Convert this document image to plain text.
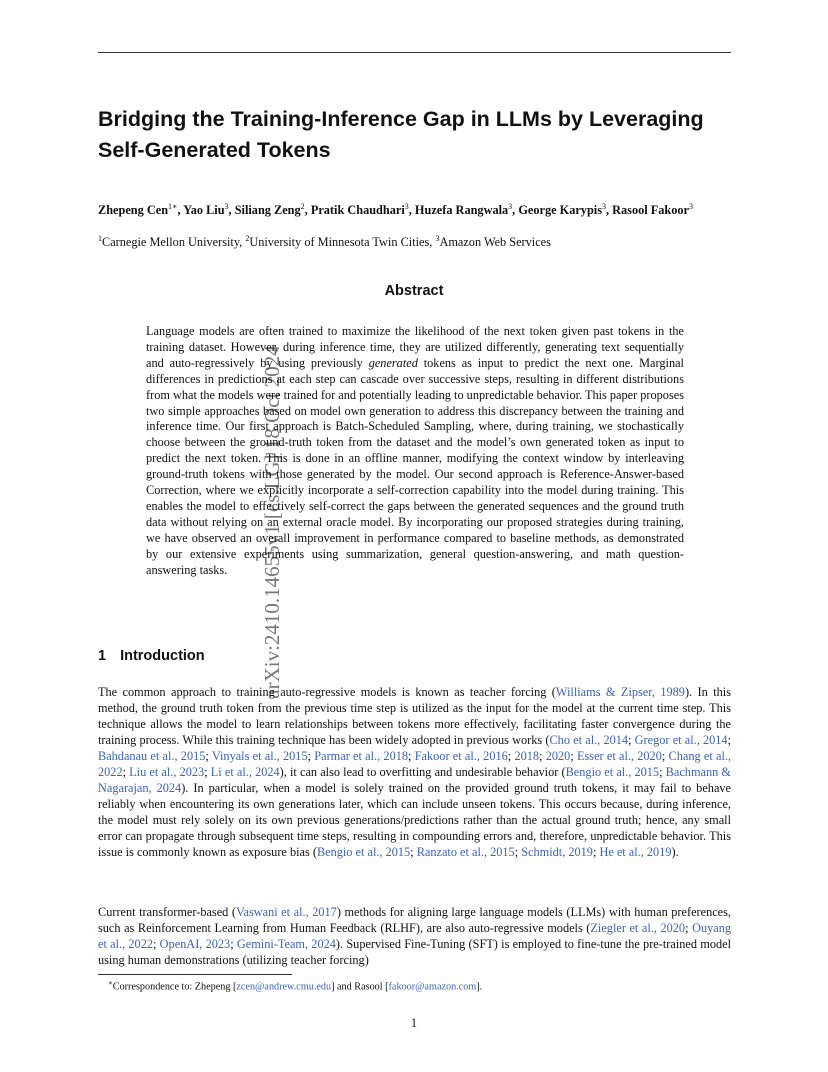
arXiv:2410.14655v1 [cs.LG] 18 Oct 2024
Bridging the Training-Inference Gap in LLMs by Leveraging Self-Generated Tokens

Zhepeng Cen$^{1∗}$, Yao Liu$^3$, Siliang Zeng$^2$, Pratik Chaudhari$^3$, Huzefa Rangwala$^3$, George Karypis$^3$, Rasool Fakoor$^3$

$^1$Carnegie Mellon University, $^2$University of Minnesota Twin Cities, $^3$Amazon Web Services

Abstract

Language models are often trained to maximize the likelihood of the next token given past tokens in the training dataset. However, during inference time, they are utilized differently, generating text sequentially and auto-regressively by using previously generated tokens as input to predict the next one. Marginal differences in predictions at each step can cascade over successive steps, resulting in different distributions from what the models were trained for and potentially leading to unpredictable behavior. This paper proposes two simple approaches based on model own generation to address this discrepancy between the training and inference time. Our first approach is Batch-Scheduled Sampling, where, during training, we stochastically choose between the ground-truth token from the dataset and the model’s own generated token as input to predict the next token. This is done in an offline manner, modifying the context window by interleaving ground-truth tokens with those generated by the model. Our second approach is Reference-Answer-based Correction, where we explicitly incorporate a self-correction capability into the model during training. This enables the model to effectively self-correct the gaps between the generated sequences and the ground truth data without relying on an external oracle model. By incorporating our proposed strategies during training, we have observed an overall improvement in performance compared to baseline methods, as demonstrated by our extensive experiments using summarization, general question-answering, and math question-answering tasks.

1 Introduction

The common approach to training auto-regressive models is known as teacher forcing (Williams & Zipser, 1989). In this method, the ground truth token from the previous time step is utilized as the input for the model at the current time step. This technique allows the model to learn relationships between tokens more effectively, facilitating faster convergence during the training process. While this training technique has been widely adopted in previous works (Cho et al., 2014; Gregor et al., 2014; Bahdanau et al., 2015; Vinyals et al., 2015; Parmar et al., 2018; Fakoor et al., 2016; 2018; 2020; Esser et al., 2020; Chang et al., 2022; Liu et al., 2023; Li et al., 2024), it can also lead to overfitting and undesirable behavior (Bengio et al., 2015; Bachmann & Nagarajan, 2024). In particular, when a model is solely trained on the provided ground truth tokens, it may fail to behave reliably when encountering its own generations later, which can include unseen tokens. This occurs because, during inference, the model must rely solely on its own previous generations/predictions rather than the actual ground truth; hence, any small error can propagate through subsequent time steps, resulting in compounding errors and, therefore, unpredictable behavior. This issue is commonly known as exposure bias (Bengio et al., 2015; Ranzato et al., 2015; Schmidt, 2019; He et al., 2019).

Current transformer-based (Vaswani et al., 2017) methods for aligning large language models (LLMs) with human preferences, such as Reinforcement Learning from Human Feedback (RLHF), are also auto-regressive models (Ziegler et al., 2020; Ouyang et al., 2022; OpenAI, 2023; Gemini-Team, 2024). Supervised Fine-Tuning (SFT) is employed to fine-tune the pre-trained model using human demonstrations (utilizing teacher forcing)

∗Correspondence to: Zhepeng [zcen@andrew.cmu.edu] and Rasool [fakoor@amazon.com].
1
